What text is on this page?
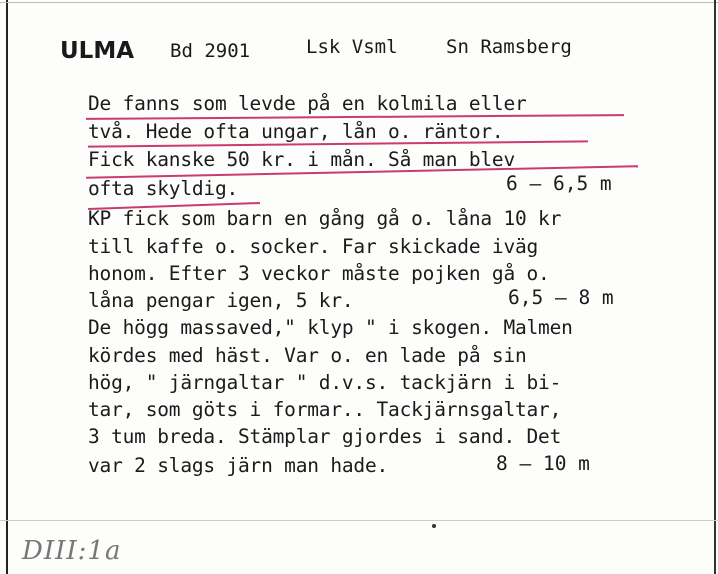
ULMA Bd 2901	Lsk Vsml	Sn Ramsberg
De fanns som levde på en kolmila eller
två. Hede ofta ungar, lån o. räntor.
Fick kanske 50 kr. i mån. Så man blev
ofta skyldig.	6 – 6,5 m
KP fick som barn en gång gå o. låna 10 kr
till kaffe o. socker. Far skickade iväg
honom. Efter 3 veckor måste pojken gå o.
låna pengar igen, 5 kr.	6,5 – 8 m
De högg massaved," klyp " i skogen. Malmen
kördes med häst. Var o. en lade på sin
hög, " järngaltar " d.v.s. tackjärn i bi-
tar, som göts i formar.. Tackjärnsgaltar,
3 tum breda. Stämplar gjordes i sand. Det
var 2 slags järn man hade.	8 – 10 m
DIII:1a
